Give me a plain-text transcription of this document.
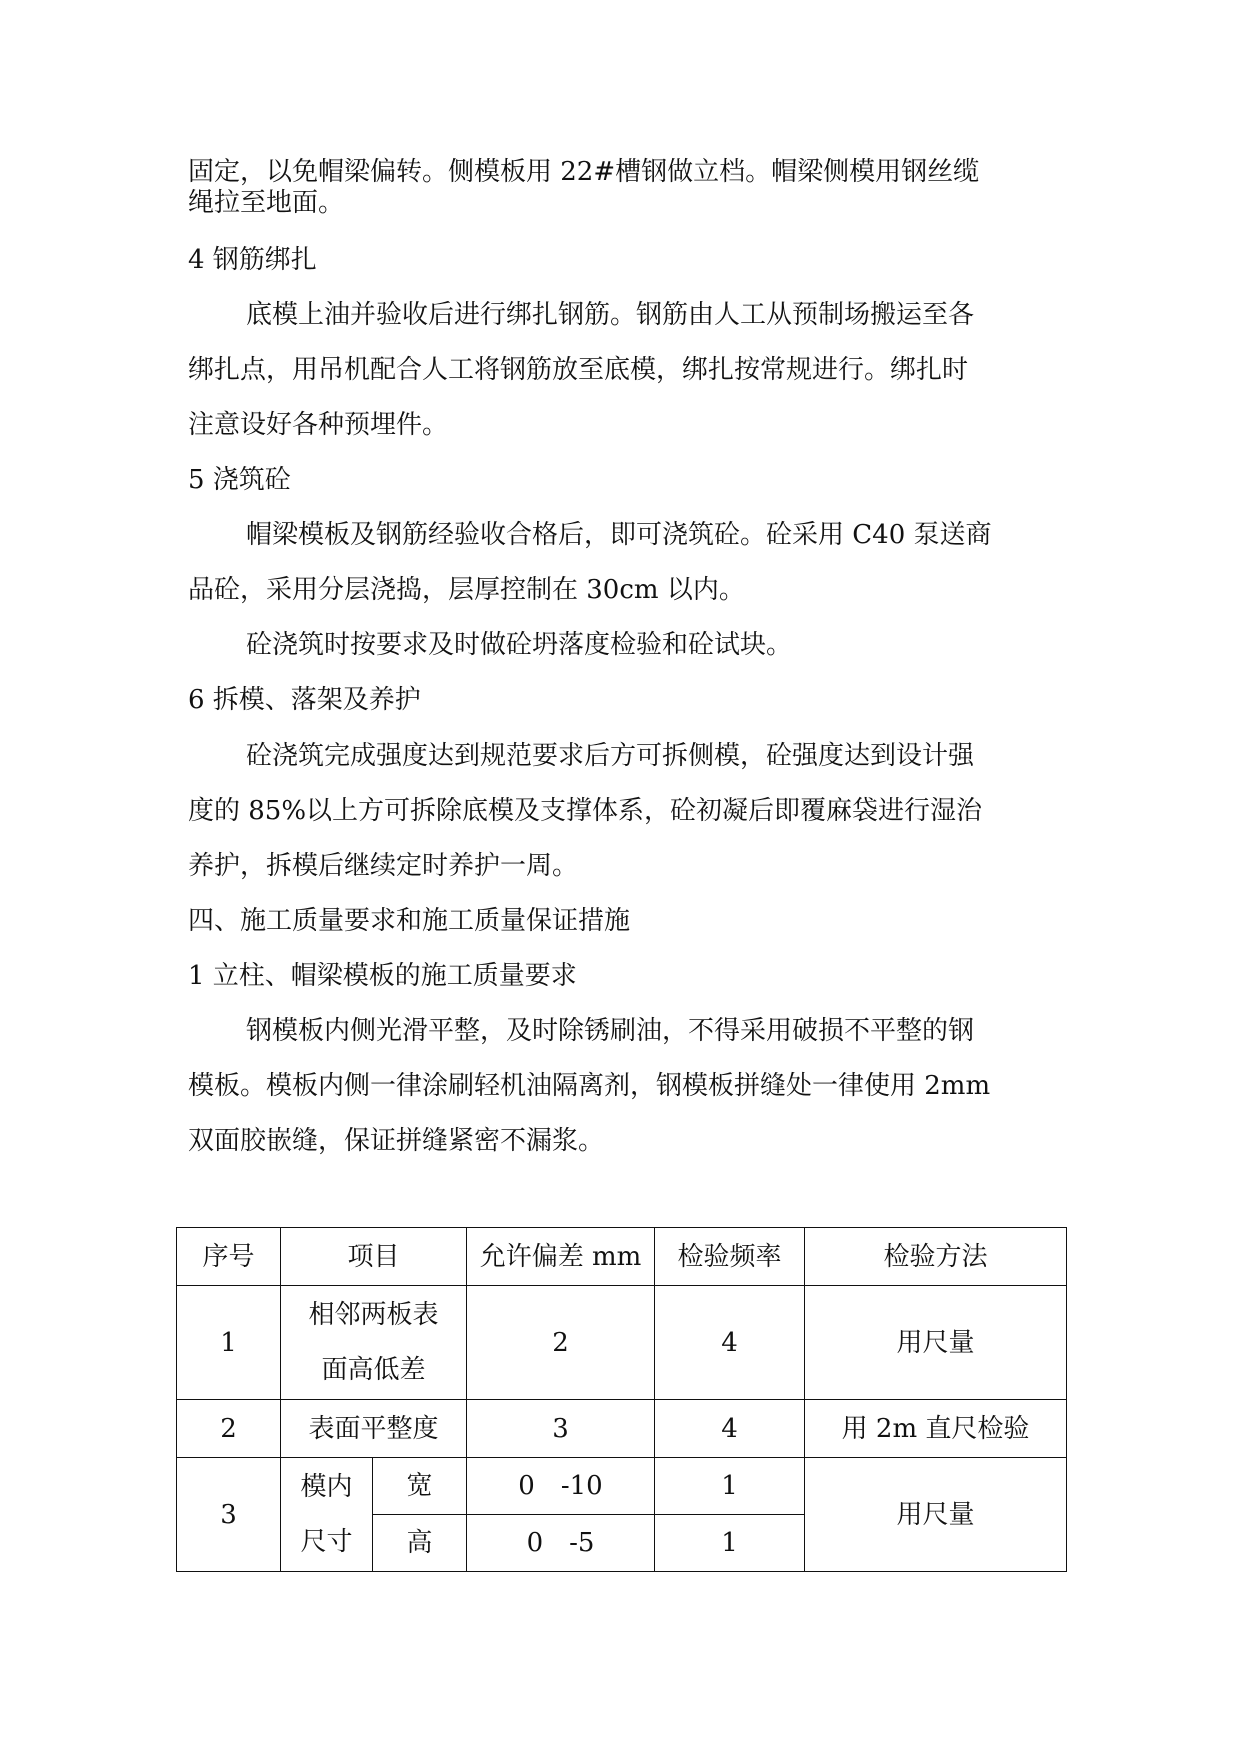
固定，以免帽梁偏转。侧模板用 22#槽钢做立档。帽梁侧模用钢丝缆
绳拉至地面。
4 钢筋绑扎
底模上油并验收后进行绑扎钢筋。钢筋由人工从预制场搬运至各
绑扎点，用吊机配合人工将钢筋放至底模，绑扎按常规进行。绑扎时
注意设好各种预埋件。
5 浇筑砼
帽梁模板及钢筋经验收合格后，即可浇筑砼。砼采用 C40 泵送商
品砼，采用分层浇捣，层厚控制在 30cm 以内。
砼浇筑时按要求及时做砼坍落度检验和砼试块。
6 拆模、落架及养护
砼浇筑完成强度达到规范要求后方可拆侧模，砼强度达到设计强
度的 85%以上方可拆除底模及支撑体系，砼初凝后即覆麻袋进行湿治
养护，拆模后继续定时养护一周。
四、施工质量要求和施工质量保证措施
1 立柱、帽梁模板的施工质量要求
钢模板内侧光滑平整，及时除锈刷油，不得采用破损不平整的钢
模板。模板内侧一律涂刷轻机油隔离剂，钢模板拼缝处一律使用 2mm
双面胶嵌缝，保证拼缝紧密不漏浆。
序号	项目		允许偏差 mm	检验频率	检验方法
1	相邻两板表
面高低差		2	4	用尺量
2	表面平整度		3	4	用 2m 直尺检验
3	模内
尺寸	宽	0　-10	1	用尺量
		高	0　-5	1	
